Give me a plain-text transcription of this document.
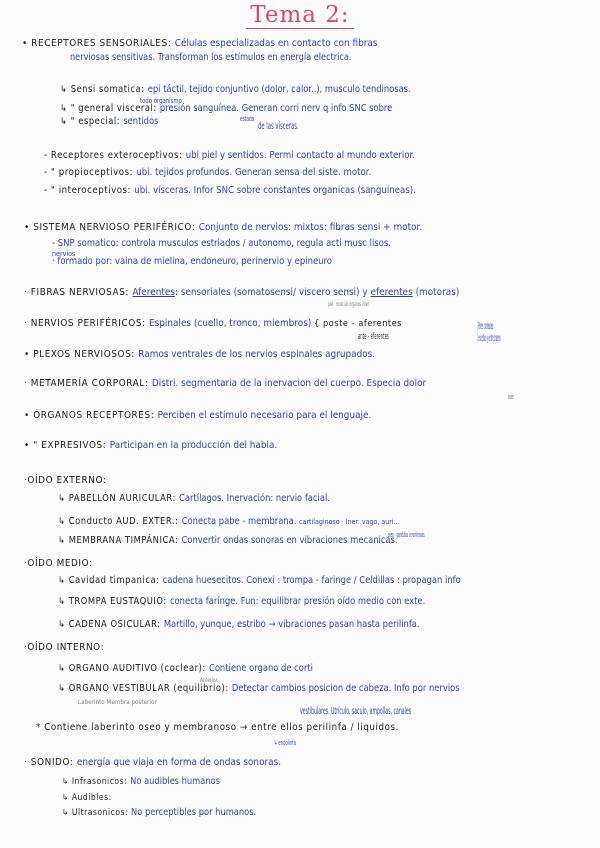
Tema 2:
• RECEPTORES SENSORIALES: Células especializadas en contacto con fibras
nerviosas sensitivas. Transforman los estímulos en energía electrica.
↳ Sensi somatica: epi táctil, tejido conjuntivo (dolor, calor..), musculo tendinosas.
todo organismo
↳ " general visceral: presión sanguínea. Generan corri nerv q info SNC sobre
↳ " especial: sentidos	estado
de las vísceras.
- Receptores exteroceptivos: ubi piel y sentidos. Permi contacto al mundo exterior.
- " propioceptivos: ubi. tejidos profundos. Generan sensa del siste. motor.
- " interoceptivos: ubi. vísceras. Infor SNC sobre constantes organicas (sanguineas).
• SISTEMA NERVIOSO PERIFÉRICO: Conjunto de nervios: mixtos: fibras sensi + motor.
- SNP somatico: controla musculos estriados / autonomo, regula acti musc lisos.
nervios
· formado por: vaina de mielina, endoneuro, perinervio y epineuro
· FIBRAS NERVIOSAS: Aferentes: sensoriales (somatosensi/ viscero sensi) y eferentes (motoras)
piel · musculo organos inter
· NERVIOS PERIFÉRICOS: Espinales (cuello, tronco, miembros) { poste - aferentes
ante - eferentes
| Pares craneales:
| encefalo y entre craneo
• PLEXOS NERVIOSOS: Ramos ventrales de los nervios espinales agrupados.
· METAMERÍA CORPORAL: Distri. segmentaria de la inervacion del cuerpo. Especia dolor
cervicales
• ÓRGANOS RECEPTORES: Perciben el estímulo necesario para el lenguaje.
• " EXPRESIVOS: Participan en la producción del habla.
·OÍDO EXTERNO:
↳ PABELLÓN AURICULAR: Cartílagos. Inervación: nervio facial.
↳ Conducto AUD. EXTER.: Conecta pabe - membrana. cartilaginoso · Iner: vago, auri...
oseo - glandulas ceruminosas.
↳ MEMBRANA TIMPÁNICA: Convertir ondas sonoras en vibraciones mecanicas.
·OÍDO MEDIO:
↳ Cavidad timpanica: cadena huesecitos. Conexi : trompa - faringe / Celdillas : propagan info
↳ TROMPA EUSTAQUIO: conecta faringe. Fun: equilibrar presión oído medio con exte.
↳ CADENA OSICULAR: Martillo, yunque, estribo → vibraciones pasan hasta perilinfa.
·OÍDO INTERNO:
↳ ORGANO AUDITIVO (coclear): Contiene organo de corti
Anterior
↳ ORGANO VESTIBULAR (equilibrio): Detectar cambios posicion de cabeza. Info por nervios
Laberinto Membra posterior
vestibulares. Utrículo, saculo, ampollas, canales
* Contiene laberinto oseo y membranoso → entre ellos perilinfa / liquidos.
↳ endolinfa
· SONIDO: energía que viaja en forma de ondas sonoras.
↳ Infrasonicos: No audibles humanos
↳ Audibles:
↳ Ultrasonicos: No perceptibles por humanos.
